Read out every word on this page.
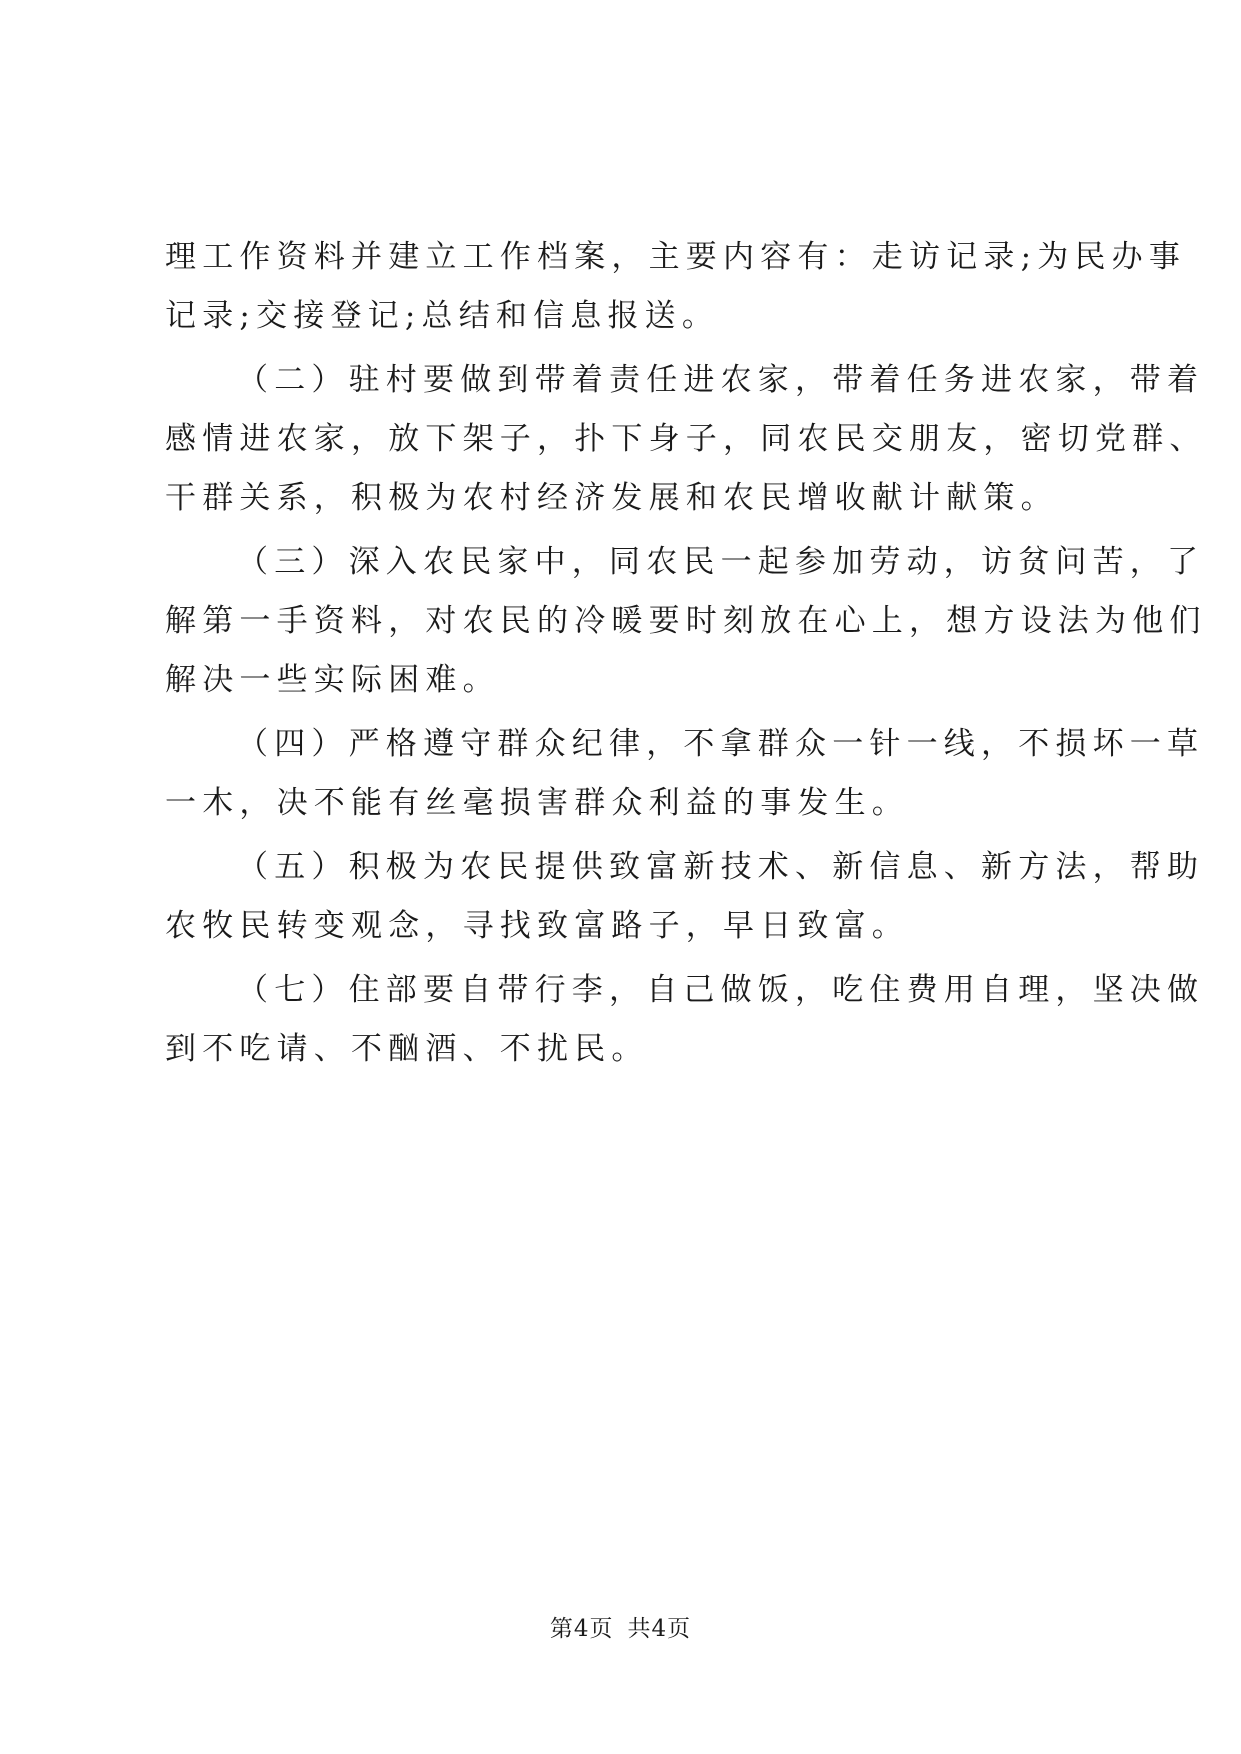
理工作资料并建立工作档案，主要内容有：走访记录;为民办事
记录;交接登记;总结和信息报送。
（二）驻村要做到带着责任进农家，带着任务进农家，带着
感情进农家，放下架子，扑下身子，同农民交朋友，密切党群、
干群关系，积极为农村经济发展和农民增收献计献策。
（三）深入农民家中，同农民一起参加劳动，访贫问苦，了
解第一手资料，对农民的冷暖要时刻放在心上，想方设法为他们
解决一些实际困难。
（四）严格遵守群众纪律，不拿群众一针一线，不损坏一草
一木，决不能有丝毫损害群众利益的事发生。
（五）积极为农民提供致富新技术、新信息、新方法，帮助
农牧民转变观念，寻找致富路子，早日致富。
（七）住部要自带行李，自己做饭，吃住费用自理，坚决做
到不吃请、不酗酒、不扰民。
第4页 共4页
